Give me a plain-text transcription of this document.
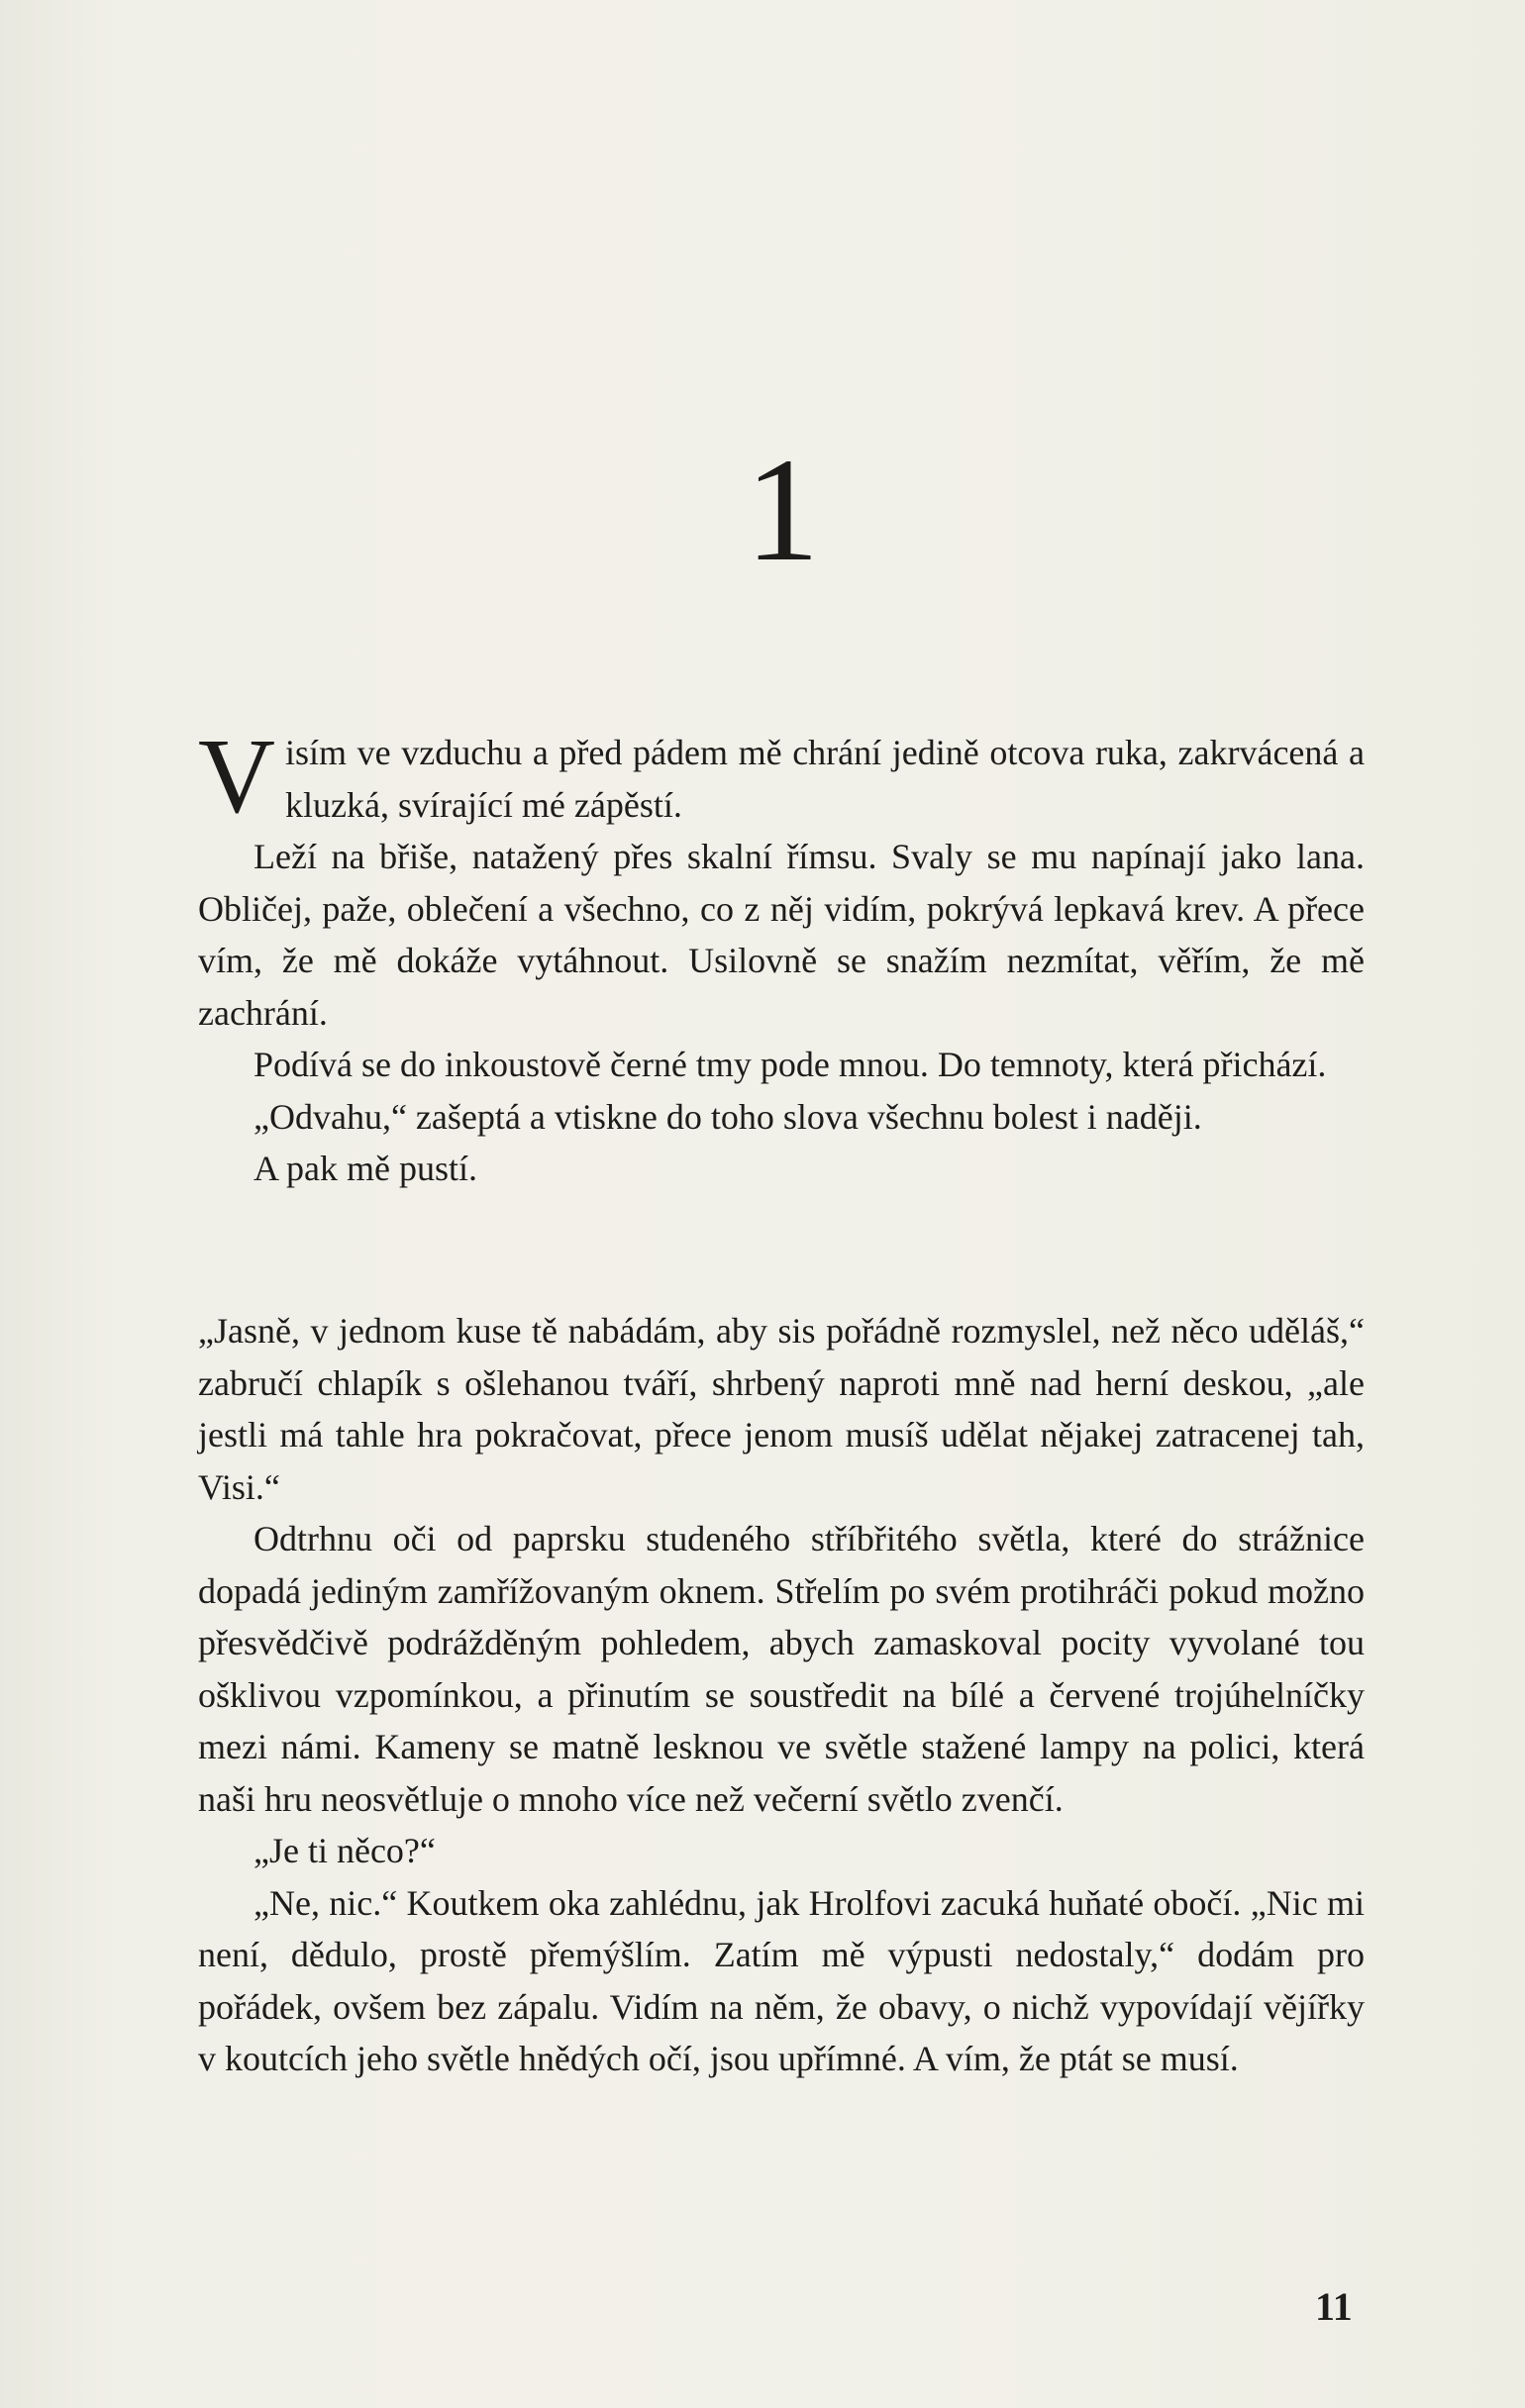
1

Visím ve vzduchu a před pádem mě chrání jedině otcova ruka, zakrvácená a kluzká, svírající mé zápěstí.

Leží na břiše, natažený přes skalní římsu. Svaly se mu napínají jako lana. Obličej, paže, oblečení a všechno, co z něj vidím, pokrývá lepkavá krev. A přece vím, že mě dokáže vytáhnout. Usilovně se snažím nezmítat, věřím, že mě zachrání.

Podívá se do inkoustově černé tmy pode mnou. Do temnoty, která přichází.

„Odvahu,“ zašeptá a vtiskne do toho slova všechnu bolest i naději.

A pak mě pustí.

„Jasně, v jednom kuse tě nabádám, aby sis pořádně rozmyslel, než něco uděláš,“ zabručí chlapík s ošlehanou tváří, shrbený naproti mně nad herní deskou, „ale jestli má tahle hra pokračovat, přece jenom musíš udělat nějakej zatracenej tah, Visi.“

Odtrhnu oči od paprsku studeného stříbřitého světla, které do strážnice dopadá jediným zamřížovaným oknem. Střelím po svém protihráči pokud možno přesvědčivě podrážděným pohledem, abych zamaskoval pocity vyvolané tou ošklivou vzpomínkou, a přinutím se soustředit na bílé a červené trojúhelníčky mezi námi. Kameny se matně lesknou ve světle stažené lampy na polici, která naši hru neosvětluje o mnoho více než večerní světlo zvenčí.

„Je ti něco?“

„Ne, nic.“ Koutkem oka zahlédnu, jak Hrolfovi zacuká huňaté obočí. „Nic mi není, dědulo, prostě přemýšlím. Zatím mě výpusti nedostaly,“ dodám pro pořádek, ovšem bez zápalu. Vidím na něm, že obavy, o nichž vypovídají vějířky v koutcích jeho světle hnědých očí, jsou upřímné. A vím, že ptát se musí.

11
